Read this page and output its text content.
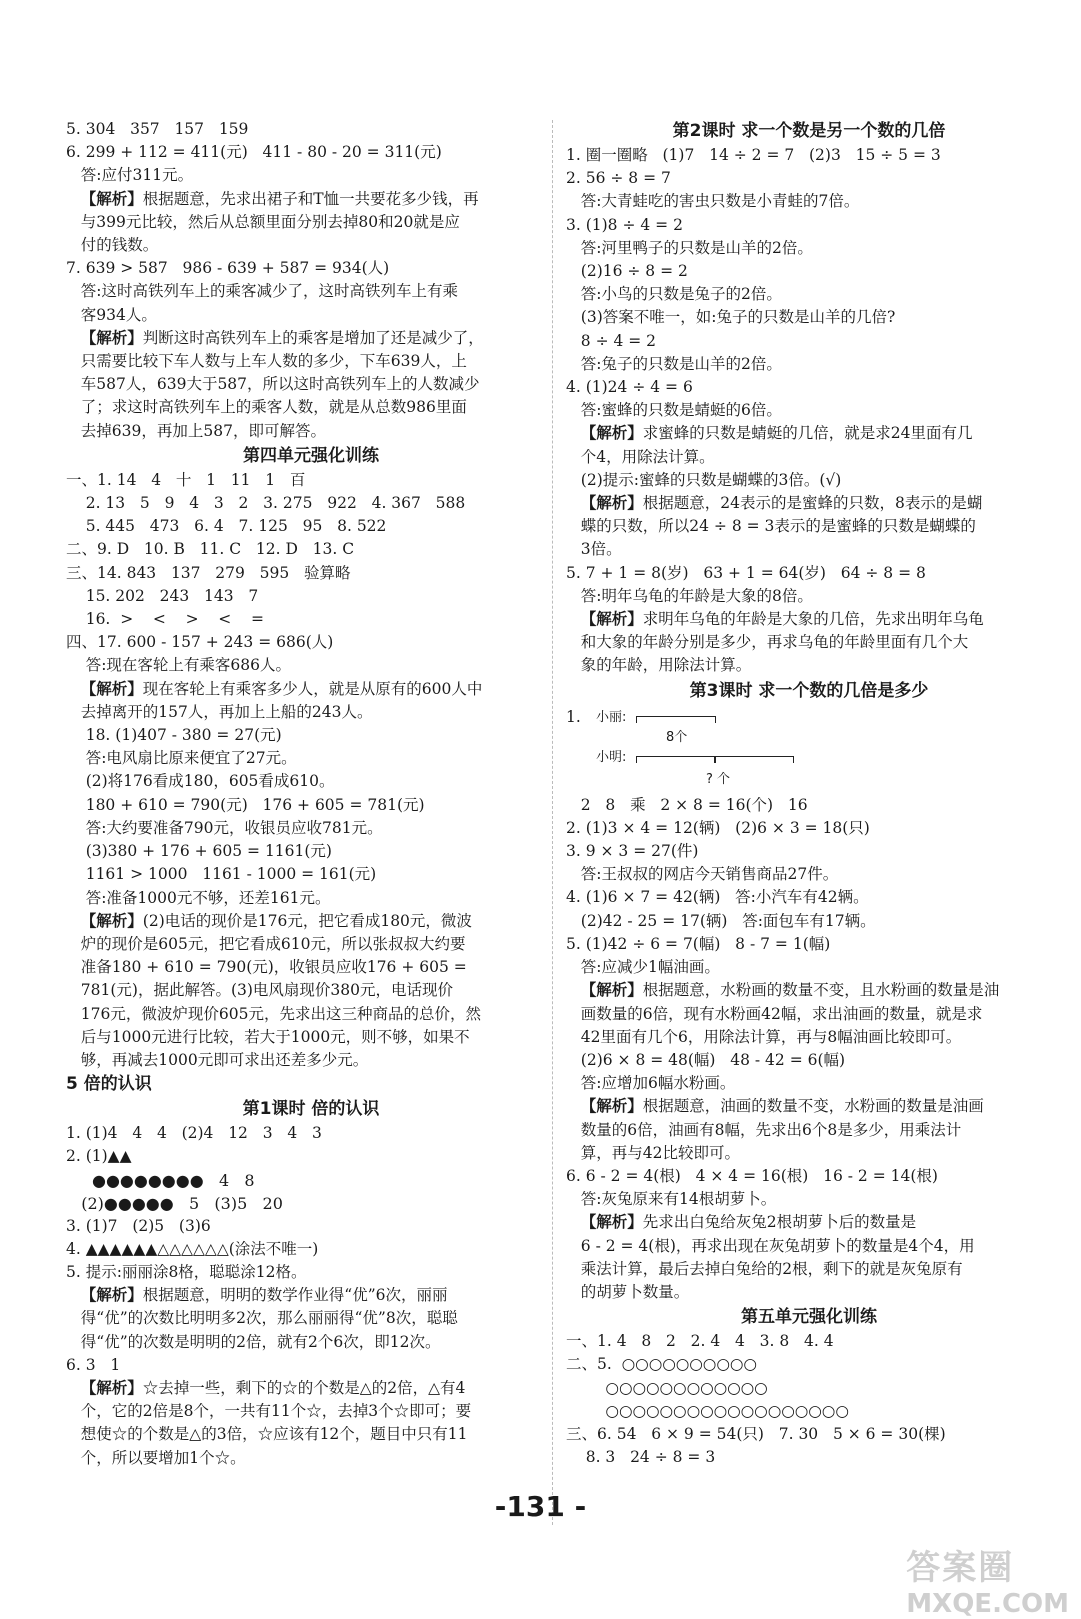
5. 304   357   157   159
6. 299 + 112 = 411(元)   411 - 80 - 20 = 311(元)
答:应付311元。
【解析】根据题意，先求出裙子和T恤一共要花多少钱，再
与399元比较，然后从总额里面分别去掉80和20就是应
付的钱数。
7. 639 > 587   986 - 639 + 587 = 934(人)
答:这时高铁列车上的乘客减少了，这时高铁列车上有乘
客934人。
【解析】判断这时高铁列车上的乘客是增加了还是减少了，
只需要比较下车人数与上车人数的多少，下车639人，上
车587人，639大于587，所以这时高铁列车上的人数减少
了；求这时高铁列车上的乘客人数，就是从总数986里面
去掉639，再加上587，即可解答。
第四单元强化训练
一、1. 14   4   十   1   11   1   百
2. 13   5   9   4   3   2   3. 275   922   4. 367   588
5. 445   473   6. 4   7. 125   95   8. 522
二、9. D   10. B   11. C   12. D   13. C
三、14. 843   137   279   595   验算略
15. 202   243   143   7
16.  >    <    >    <    =
四、17. 600 - 157 + 243 = 686(人)
答:现在客轮上有乘客686人。
【解析】现在客轮上有乘客多少人，就是从原有的600人中
去掉离开的157人，再加上上船的243人。
18. (1)407 - 380 = 27(元)
答:电风扇比原来便宜了27元。
(2)将176看成180，605看成610。
180 + 610 = 790(元)   176 + 605 = 781(元)
答:大约要准备790元，收银员应收781元。
(3)380 + 176 + 605 = 1161(元)
1161 > 1000   1161 - 1000 = 161(元)
答:准备1000元不够，还差161元。
【解析】(2)电话的现价是176元，把它看成180元，微波
炉的现价是605元，把它看成610元，所以张叔叔大约要
准备180 + 610 = 790(元)，收银员应收176 + 605 =
781(元)，据此解答。(3)电风扇现价380元，电话现价
176元，微波炉现价605元，先求出这三种商品的总价，然
后与1000元进行比较，若大于1000元，则不够，如果不
够，再减去1000元即可求出还差多少元。
5 倍的认识
第1课时 倍的认识
1. (1)4   4   4   (2)4   12   3   4   3
2. (1)▲▲
●●●●●●●●   4   8
(2)●●●●●   5   (3)5   20
3. (1)7   (2)5   (3)6
4. ▲▲▲▲▲▲△△△△△△(涂法不唯一)
5. 提示:丽丽涂8格，聪聪涂12格。
【解析】根据题意，明明的数学作业得“优”6次，丽丽
得“优”的次数比明明多2次，那么丽丽得“优”8次，聪聪
得“优”的次数是明明的2倍，就有2个6次，即12次。
6. 3   1
【解析】☆去掉一些，剩下的☆的个数是△的2倍，△有4
个，它的2倍是8个，一共有11个☆，去掉3个☆即可；要
想使☆的个数是△的3倍，☆应该有12个，题目中只有11
个，所以要增加1个☆。
第2课时 求一个数是另一个数的几倍
1. 圈一圈略   (1)7   14 ÷ 2 = 7   (2)3   15 ÷ 5 = 3
2. 56 ÷ 8 = 7
答:大青蛙吃的害虫只数是小青蛙的7倍。
3. (1)8 ÷ 4 = 2
答:河里鸭子的只数是山羊的2倍。
(2)16 ÷ 8 = 2
答:小鸟的只数是兔子的2倍。
(3)答案不唯一，如:兔子的只数是山羊的几倍?
8 ÷ 4 = 2
答:兔子的只数是山羊的2倍。
4. (1)24 ÷ 4 = 6
答:蜜蜂的只数是蜻蜓的6倍。
【解析】求蜜蜂的只数是蜻蜓的几倍，就是求24里面有几
个4，用除法计算。
(2)提示:蜜蜂的只数是蝴蝶的3倍。(√)
【解析】根据题意，24表示的是蜜蜂的只数，8表示的是蝴
蝶的只数，所以24 ÷ 8 = 3表示的是蜜蜂的只数是蝴蝶的
3倍。
5. 7 + 1 = 8(岁)   63 + 1 = 64(岁)   64 ÷ 8 = 8
答:明年乌龟的年龄是大象的8倍。
【解析】求明年乌龟的年龄是大象的几倍，先求出明年乌龟
和大象的年龄分别是多少，再求乌龟的年龄里面有几个大
象的年龄，用除法计算。
第3课时 求一个数的几倍是多少
1. 小丽:
8个
小明:
? 个
2   8   乘   2 × 8 = 16(个)   16
2. (1)3 × 4 = 12(辆)   (2)6 × 3 = 18(只)
3. 9 × 3 = 27(件)
答:王叔叔的网店今天销售商品27件。
4. (1)6 × 7 = 42(辆)   答:小汽车有42辆。
(2)42 - 25 = 17(辆)   答:面包车有17辆。
5. (1)42 ÷ 6 = 7(幅)   8 - 7 = 1(幅)
答:应减少1幅油画。
【解析】根据题意，水粉画的数量不变，且水粉画的数量是油
画数量的6倍，现有水粉画42幅，求出油画的数量，就是求
42里面有几个6，用除法计算，再与8幅油画比较即可。
(2)6 × 8 = 48(幅)   48 - 42 = 6(幅)
答:应增加6幅水粉画。
【解析】根据题意，油画的数量不变，水粉画的数量是油画
数量的6倍，油画有8幅，先求出6个8是多少，用乘法计
算，再与42比较即可。
6. 6 - 2 = 4(根)   4 × 4 = 16(根)   16 - 2 = 14(根)
答:灰兔原来有14根胡萝卜。
【解析】先求出白兔给灰兔2根胡萝卜后的数量是
6 - 2 = 4(根)，再求出现在灰兔胡萝卜的数量是4个4，用
乘法计算，最后去掉白兔给的2根，剩下的就是灰兔原有
的胡萝卜数量。
第五单元强化训练
一、1. 4   8   2   2. 4   4   3. 8   4. 4
二、5.  ○○○○○○○○○○
○○○○○○○○○○○○
○○○○○○○○○○○○○○○○○○
三、6. 54   6 × 9 = 54(只)   7. 30   5 × 6 = 30(棵)
8. 3   24 ÷ 8 = 3
-131 -
答案圈
MXQE.COM
